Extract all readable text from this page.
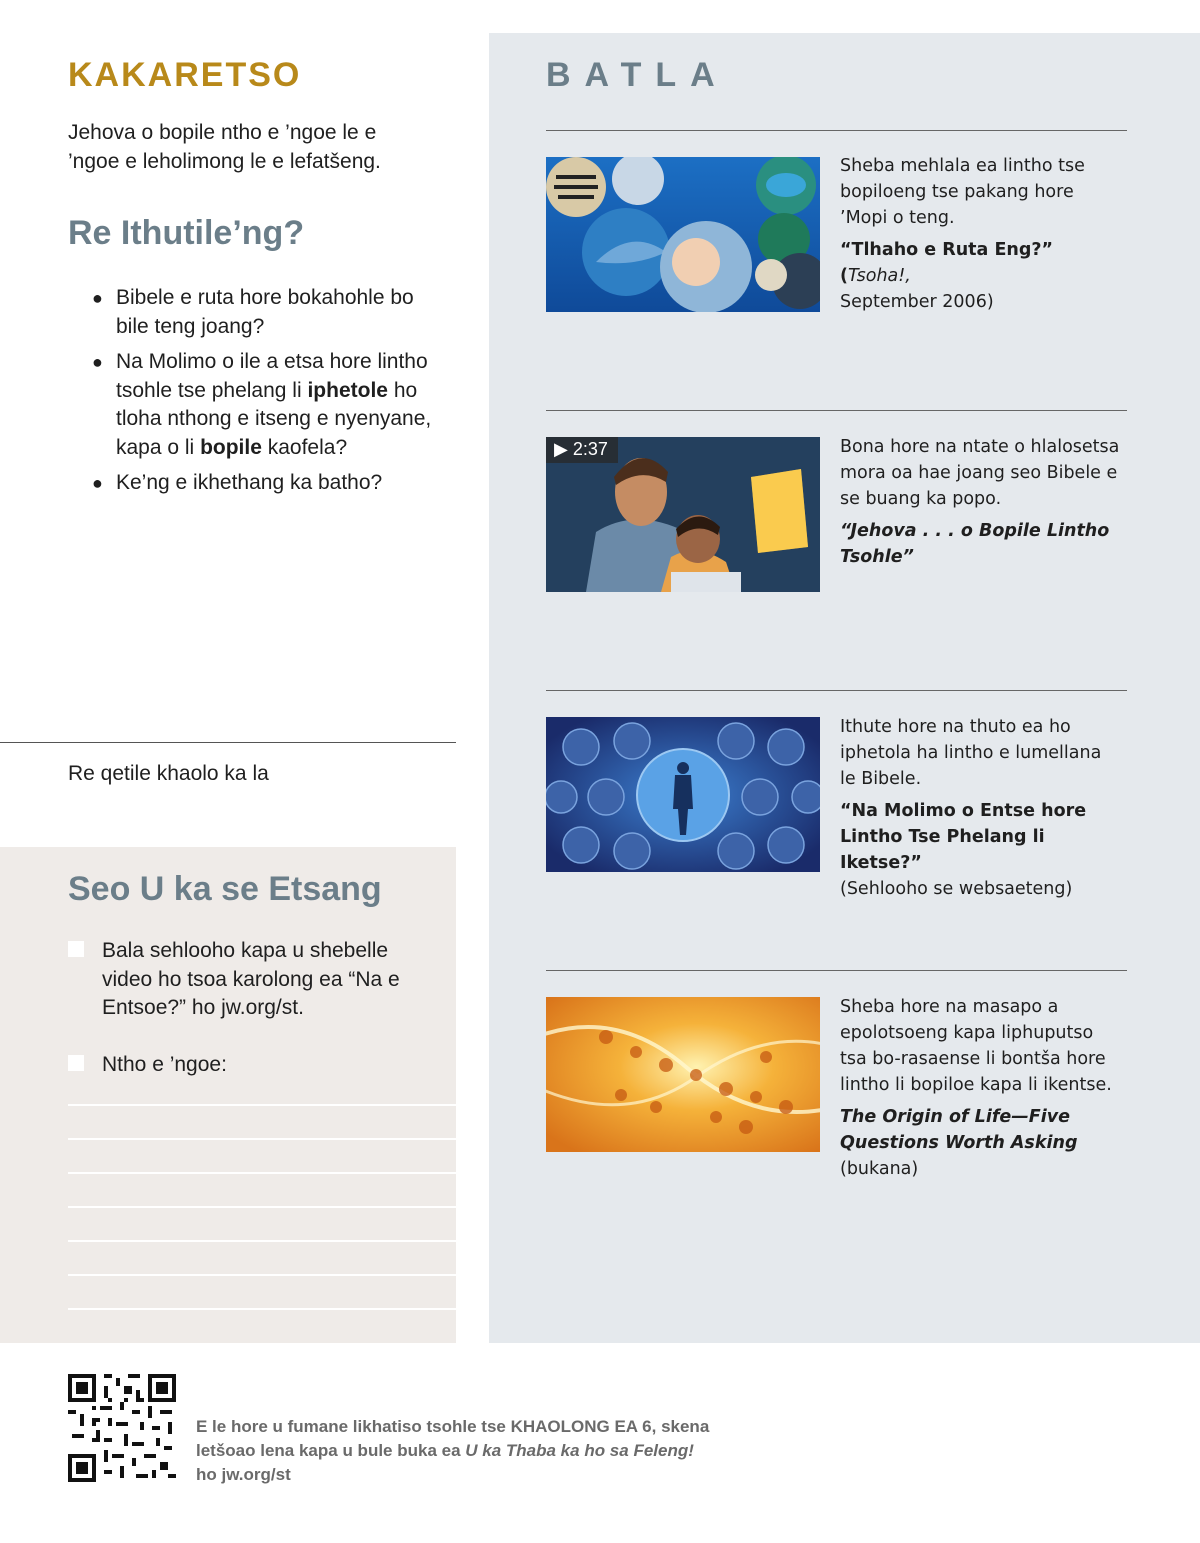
KAKARETSO

Jehova o bopile ntho e ’ngoe le e ’ngoe e leholimong le e lefatšeng.

Re Ithutile’ng?
● Bibele e ruta hore bokahohle bo bile teng joang?
● Na Molimo o ile a etsa hore lintho tsohle tse phelang li iphetole ho tloha nthong e itseng e nyenyane, kapa o li bopile kaofela?
● Ke’ng e ikhethang ka batho?
Re qetile khaolo ka la
Seo U ka se Etsang
Bala sehlooho kapa u shebelle video ho tsoa karolong ea “Na e Entsoe?” ho jw.org/st.
Ntho e ’ngoe:
BATLA
Sheba mehlala ea lintho tse bopiloeng tse pakang hore ’Mopi o teng.
“Tlhaho e Ruta Eng?” (Tsoha!,
September 2006)
▶ 2:37	Bona hore na ntate o hlalosetsa mora oa hae joang seo Bibele e se buang ka popo.
“Jehova . . . o Bopile Lintho Tsohle”
Ithute hore na thuto ea ho iphetola ha lintho e lumellana le Bibele.
“Na Molimo o Entse hore Lintho Tse Phelang li Iketse?”
(Sehlooho se websaeteng)
Sheba hore na masapo a epolotsoeng kapa liphuputso tsa bo-rasaense li bontša hore lintho li bopiloe kapa li ikentse.
The Origin of Life—Five Questions Worth Asking (bukana)
E le hore u fumane likhatiso tsohle tse KHAOLONG EA 6, skena letšoao lena kapa u bule buka ea U ka Thaba ka ho sa Feleng! ho jw.org/st
